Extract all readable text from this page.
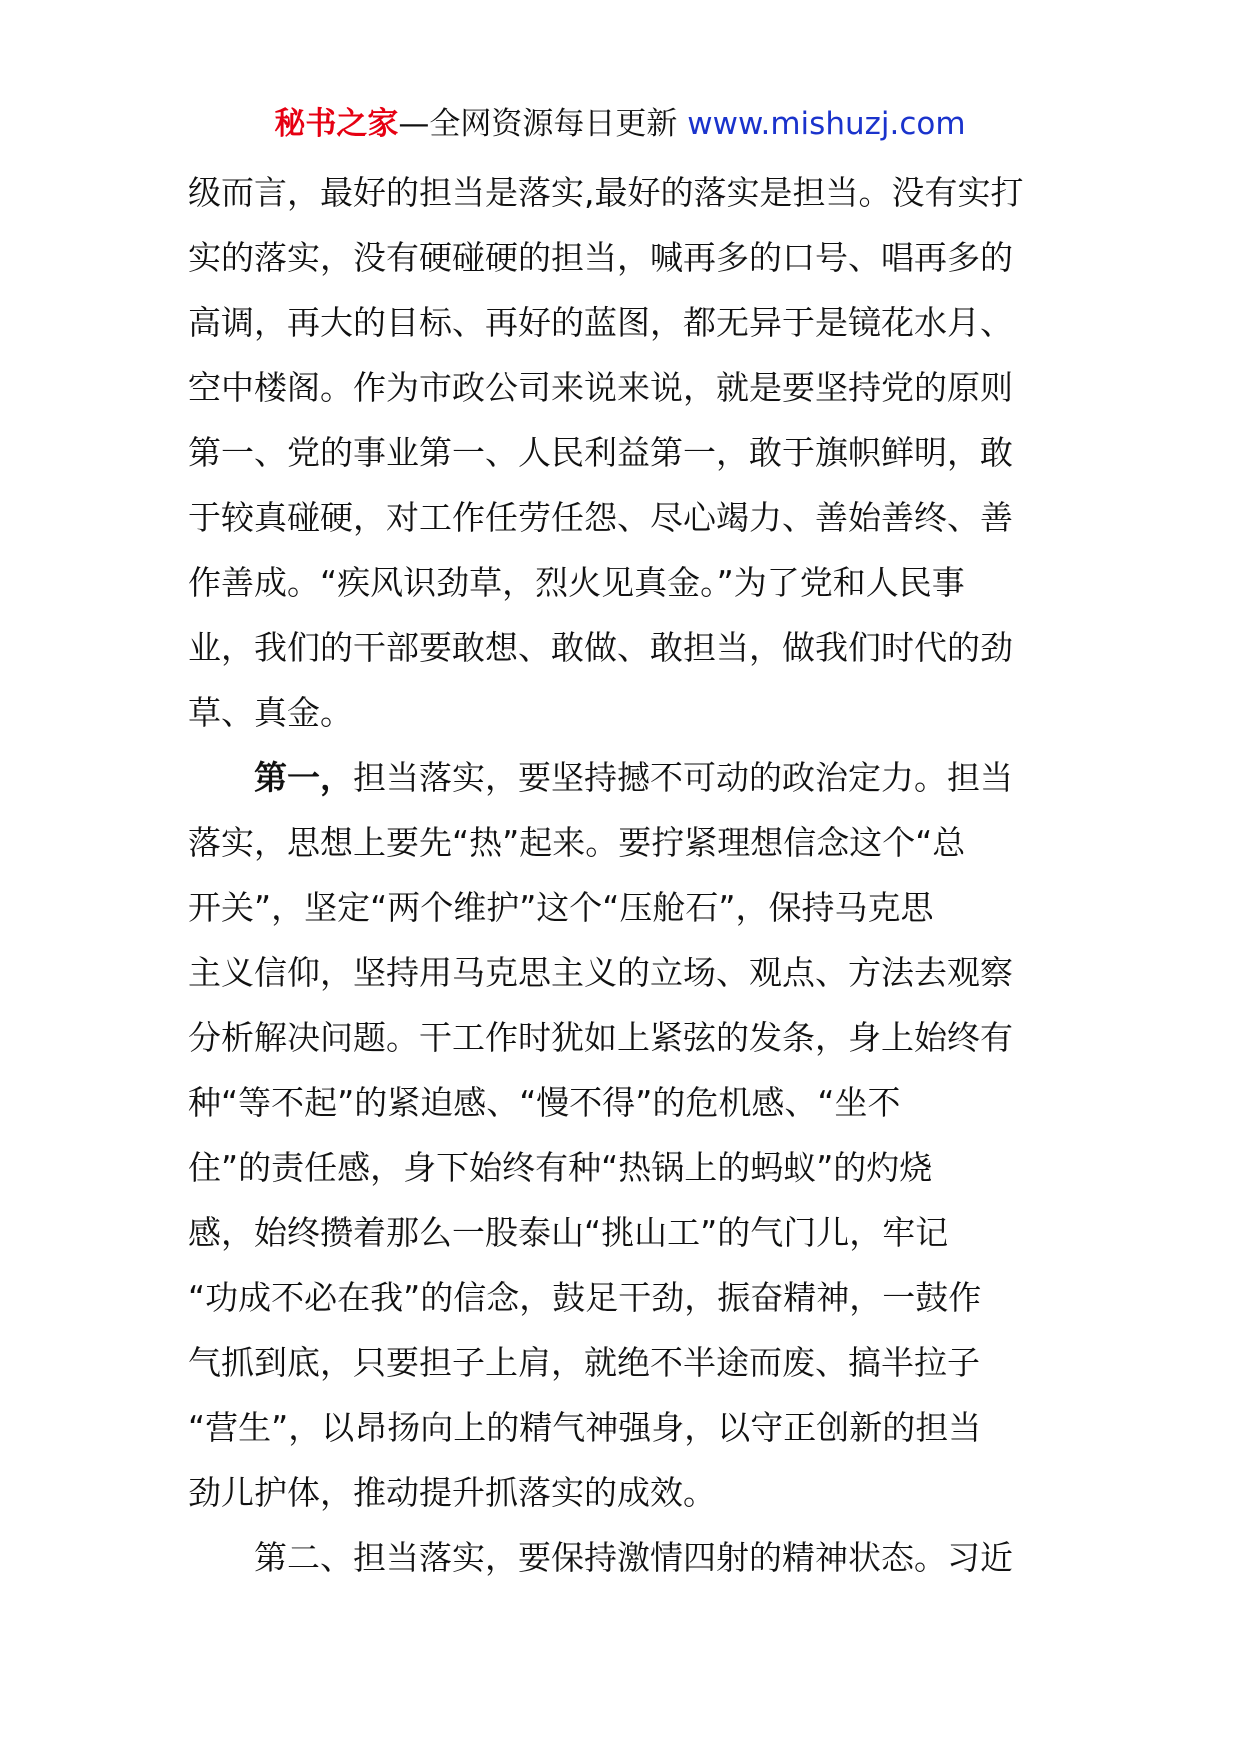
秘书之家—全网资源每日更新 www.mishuzj.com
级而言，最好的担当是落实,最好的落实是担当。没有实打
实的落实，没有硬碰硬的担当，喊再多的口号、唱再多的
高调，再大的目标、再好的蓝图，都无异于是镜花水月、
空中楼阁。作为市政公司来说来说，就是要坚持党的原则
第一、党的事业第一、人民利益第一，敢于旗帜鲜明，敢
于较真碰硬，对工作任劳任怨、尽心竭力、善始善终、善
作善成。“疾风识劲草，烈火见真金。”为了党和人民事
业，我们的干部要敢想、敢做、敢担当，做我们时代的劲
草、真金。
第一，担当落实，要坚持撼不可动的政治定力。担当
落实，思想上要先“热”起来。要拧紧理想信念这个“总
开关”，坚定“两个维护”这个“压舱石”，保持马克思
主义信仰，坚持用马克思主义的立场、观点、方法去观察
分析解决问题。干工作时犹如上紧弦的发条，身上始终有
种“等不起”的紧迫感、“慢不得”的危机感、“坐不
住”的责任感，身下始终有种“热锅上的蚂蚁”的灼烧
感，始终攒着那么一股泰山“挑山工”的气门儿，牢记
“功成不必在我”的信念，鼓足干劲，振奋精神，一鼓作
气抓到底，只要担子上肩，就绝不半途而废、搞半拉子
“营生”，以昂扬向上的精气神强身，以守正创新的担当
劲儿护体，推动提升抓落实的成效。
第二、担当落实，要保持激情四射的精神状态。习近
